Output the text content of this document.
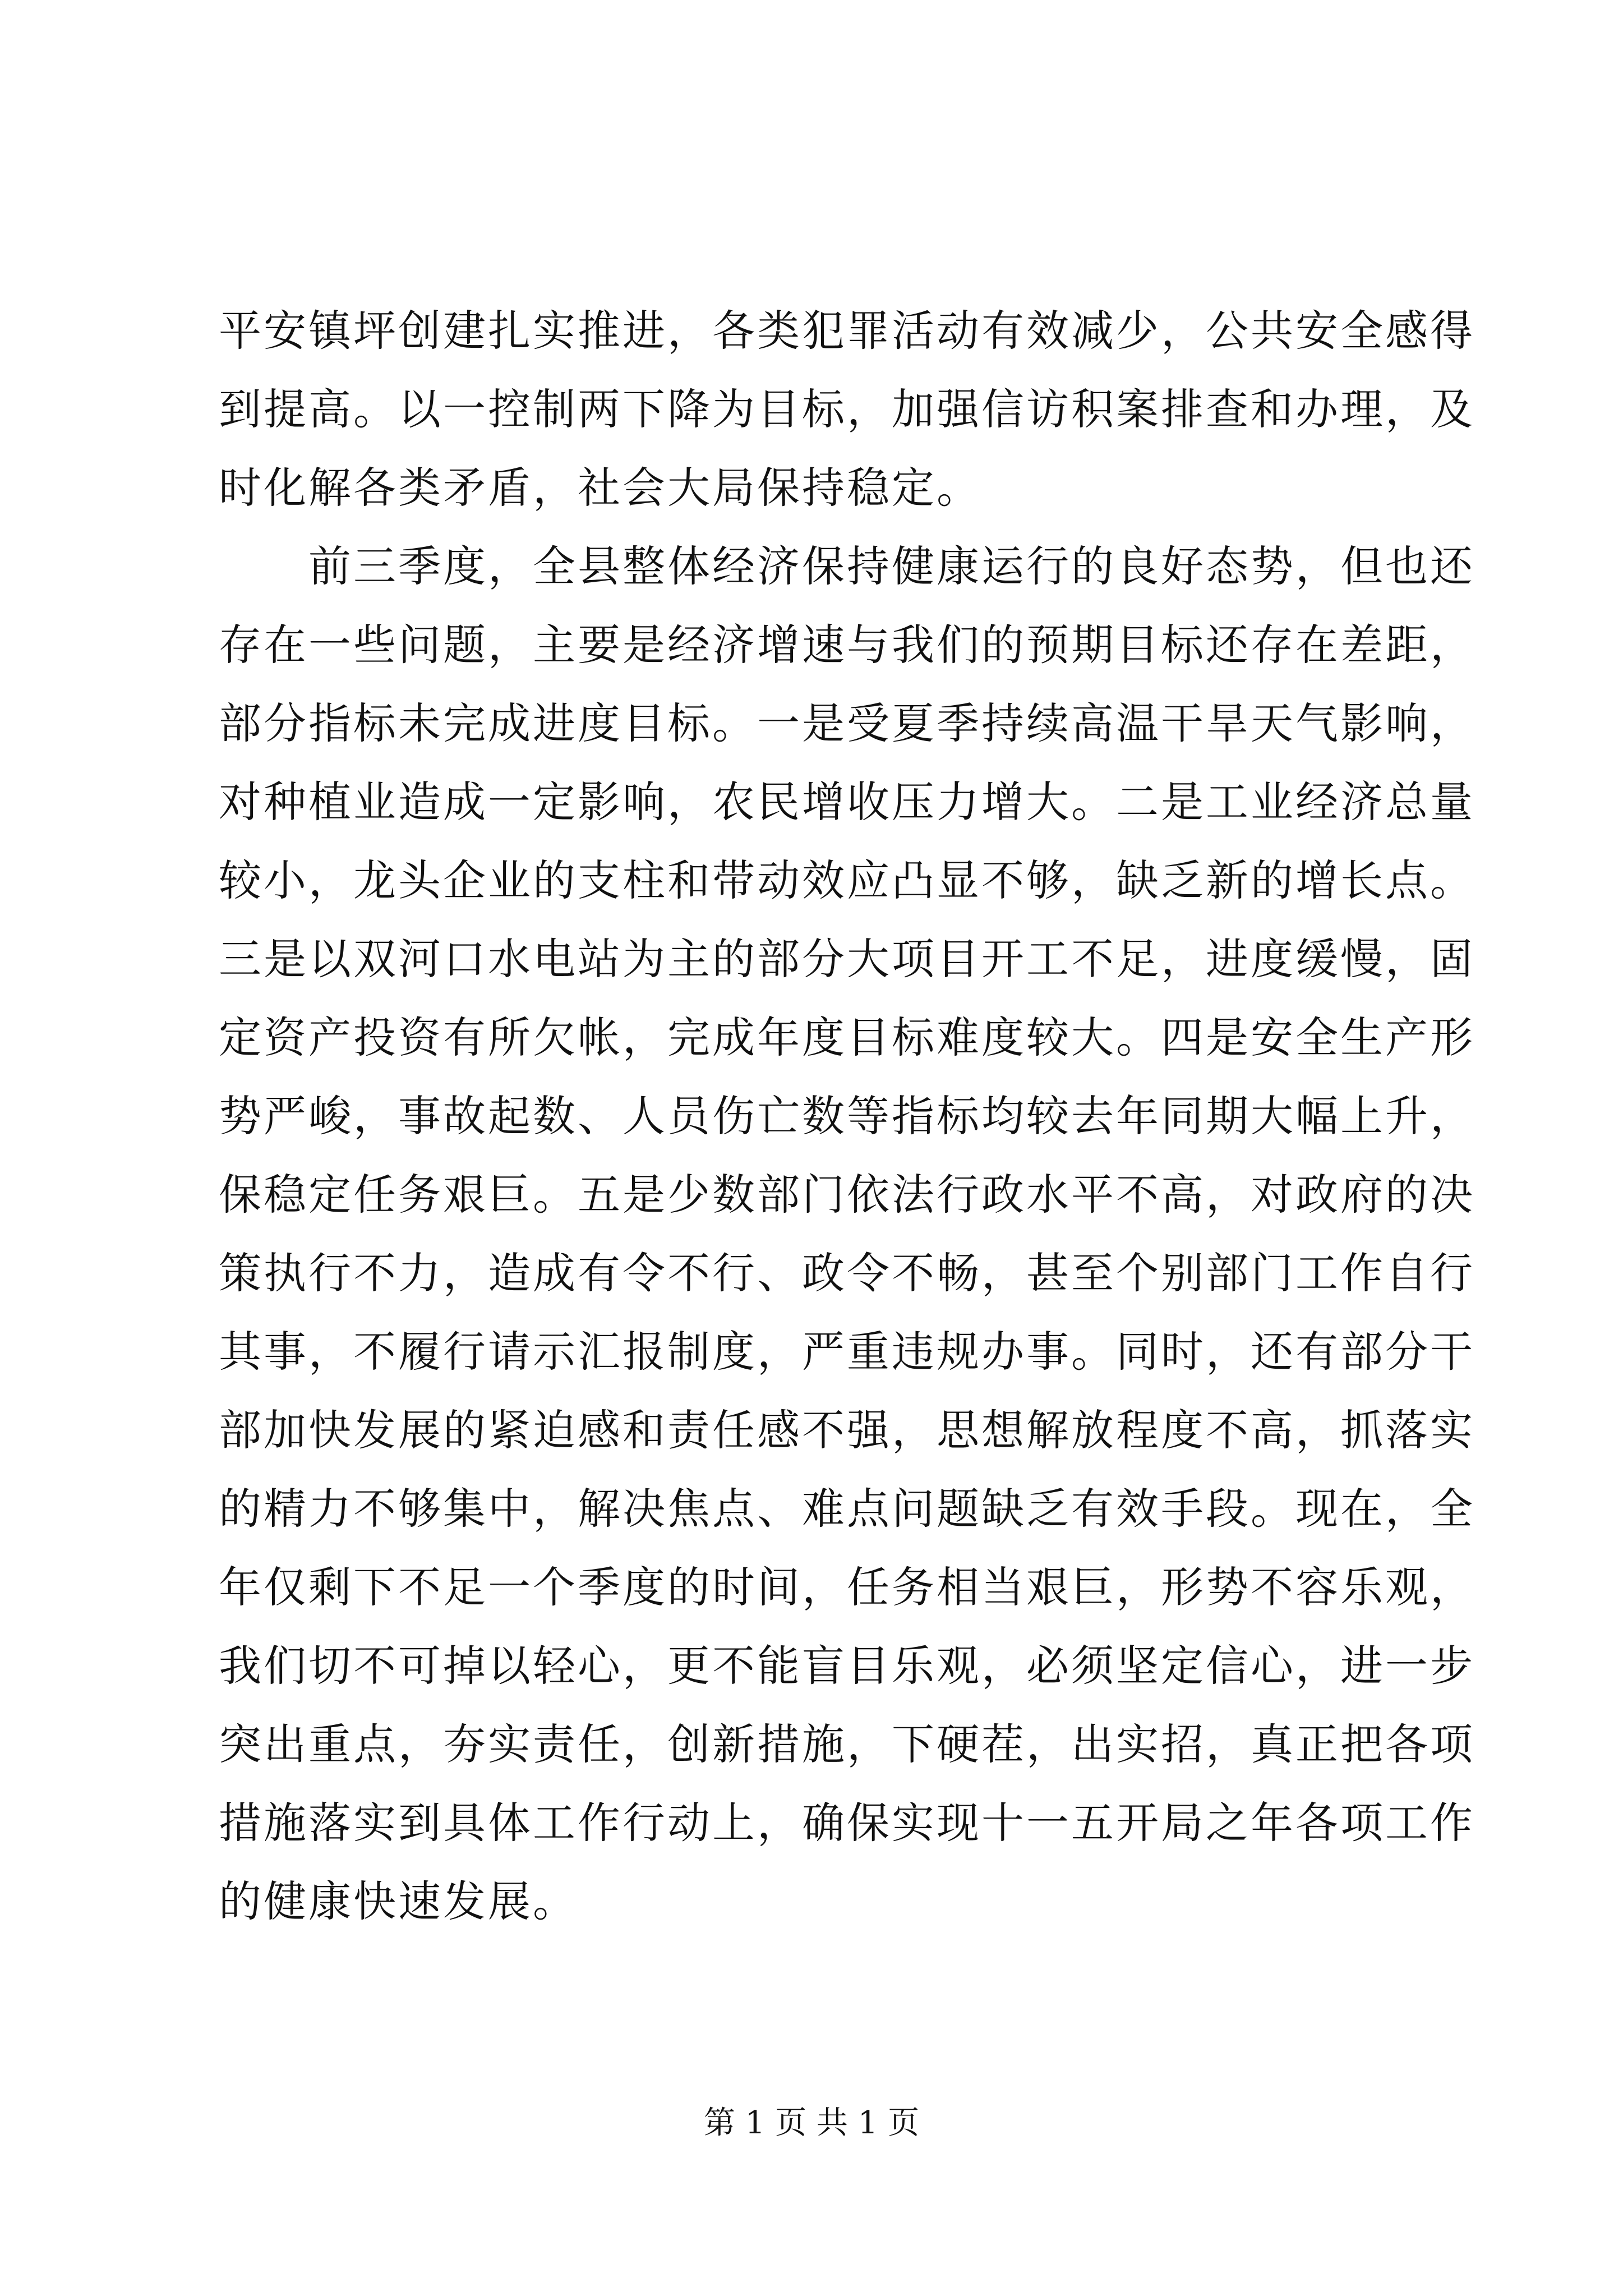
平安镇坪创建扎实推进，各类犯罪活动有效减少，公共安全感得
到提高。以一控制两下降为目标，加强信访积案排查和办理，及
时化解各类矛盾，社会大局保持稳定。
　　前三季度，全县整体经济保持健康运行的良好态势，但也还
存在一些问题，主要是经济增速与我们的预期目标还存在差距，
部分指标未完成进度目标。一是受夏季持续高温干旱天气影响，
对种植业造成一定影响，农民增收压力增大。二是工业经济总量
较小，龙头企业的支柱和带动效应凸显不够，缺乏新的增长点。
三是以双河口水电站为主的部分大项目开工不足，进度缓慢，固
定资产投资有所欠帐，完成年度目标难度较大。四是安全生产形
势严峻，事故起数、人员伤亡数等指标均较去年同期大幅上升，
保稳定任务艰巨。五是少数部门依法行政水平不高，对政府的决
策执行不力，造成有令不行、政令不畅，甚至个别部门工作自行
其事，不履行请示汇报制度，严重违规办事。同时，还有部分干
部加快发展的紧迫感和责任感不强，思想解放程度不高，抓落实
的精力不够集中，解决焦点、难点问题缺乏有效手段。现在，全
年仅剩下不足一个季度的时间，任务相当艰巨，形势不容乐观，
我们切不可掉以轻心，更不能盲目乐观，必须坚定信心，进一步
突出重点，夯实责任，创新措施，下硬茬，出实招，真正把各项
措施落实到具体工作行动上，确保实现十一五开局之年各项工作
的健康快速发展。
第 1 页 共 1 页
